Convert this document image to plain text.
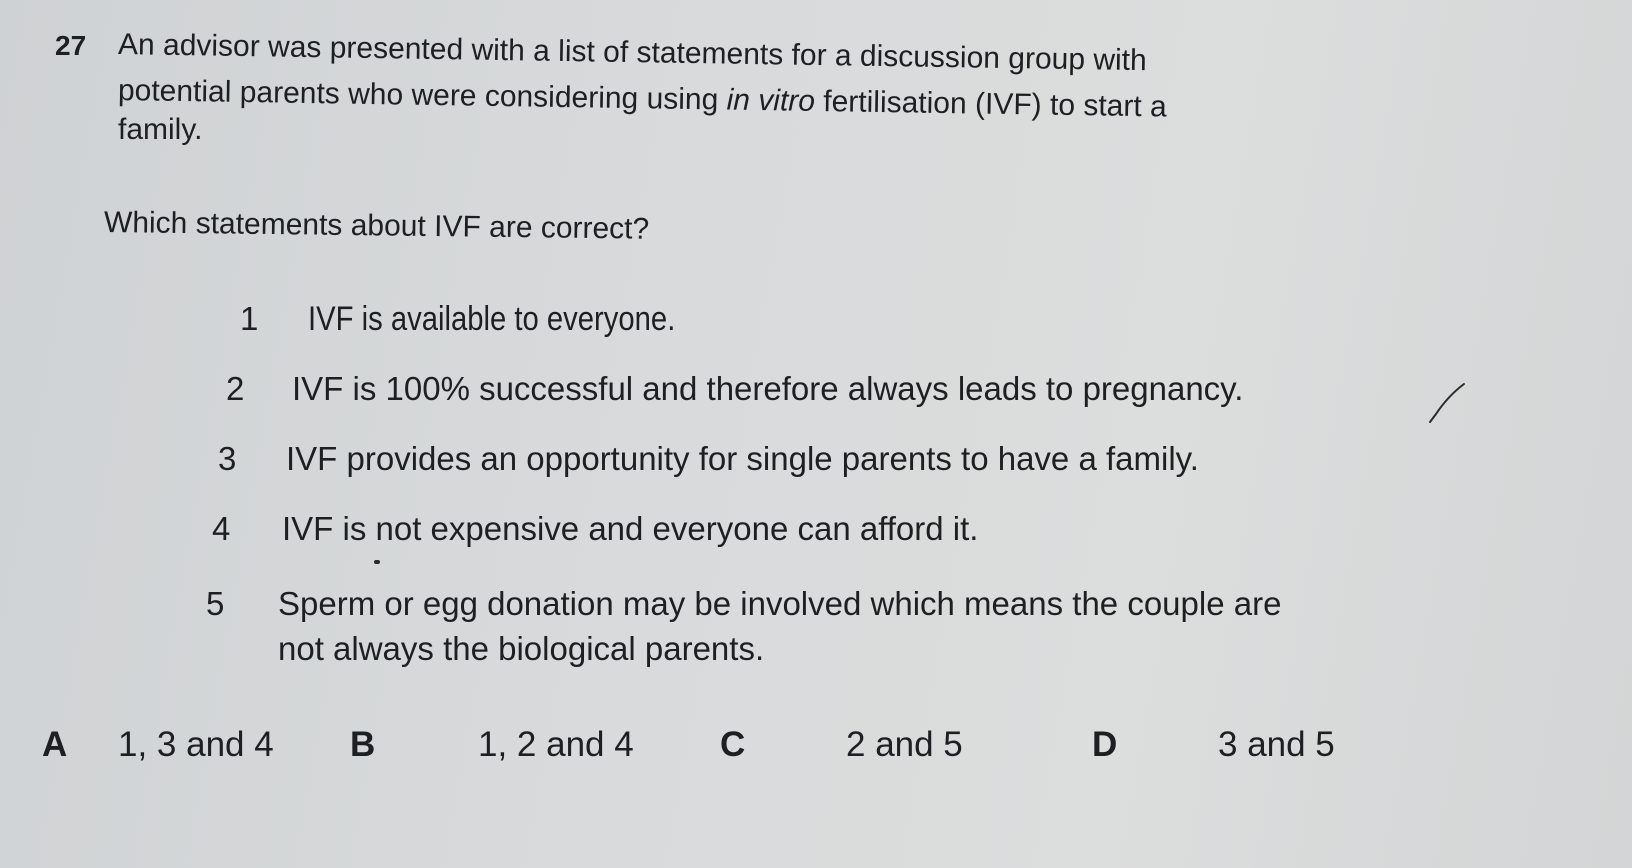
27 An advisor was presented with a list of statements for a discussion group with
potential parents who were considering using in vitro fertilisation (IVF) to start a
family.
Which statements about IVF are correct?
1 IVF is available to everyone.
2 IVF is 100% successful and therefore always leads to pregnancy.
3 IVF provides an opportunity for single parents to have a family.
4 IVF is not expensive and everyone can afford it.
5 Sperm or egg donation may be involved which means the couple are
not always the biological parents.
A 1, 3 and 4 B	1, 2 and 4 C	2 and 5	D	3 and 5
